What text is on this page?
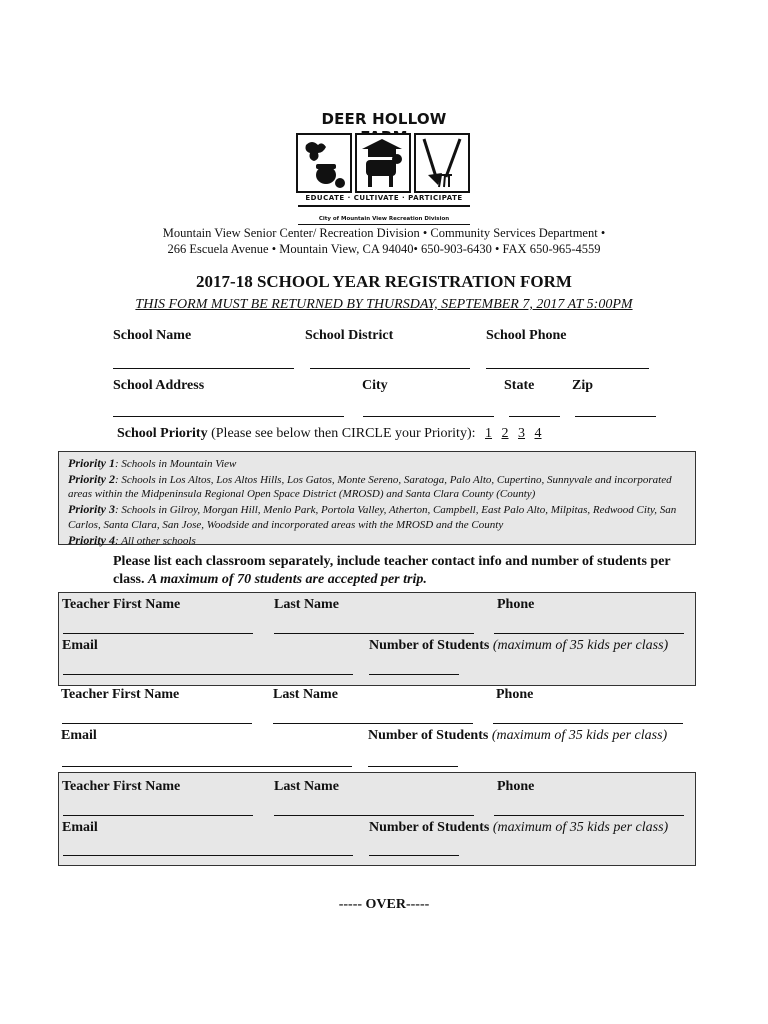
DEER HOLLOW
EDUCATE · CULTIVATE · PARTICIPATE
City of Mountain View Recreation Division
Mountain View Senior Center/ Recreation Division • Community Services Department •
266 Escuela Avenue • Mountain View, CA 94040• 650-903-6430 • FAX 650-965-4559
2017-18 SCHOOL YEAR REGISTRATION FORM
THIS FORM MUST BE RETURNED BY THURSDAY, SEPTEMBER 7, 2017 AT 5:00PM
School Name	School District	School Phone
School Address	City	State	Zip
School Priority (Please see below then CIRCLE your Priority): 1 2 3 4
Priority 1: Schools in Mountain View
Priority 2: Schools in Los Altos, Los Altos Hills, Los Gatos, Monte Sereno, Saratoga, Palo Alto, Cupertino, Sunnyvale and incorporated areas within the Midpeninsula Regional Open Space District (MROSD) and Santa Clara County (County)
Priority 3: Schools in Gilroy, Morgan Hill, Menlo Park, Portola Valley, Atherton, Campbell, East Palo Alto, Milpitas, Redwood City, San Carlos, Santa Clara, San Jose, Woodside and incorporated areas with the MROSD and the County
Priority 4: All other schools
Please list each classroom separately, include teacher contact info and number of students per class. A maximum of 70 students are accepted per trip.
Teacher First Name	Last Name	Phone
Email	Number of Students (maximum of 35 kids per class)
Teacher First Name	Last Name	Phone
Email	Number of Students (maximum of 35 kids per class)
Teacher First Name	Last Name	Phone
Email	Number of Students (maximum of 35 kids per class)
----- OVER-----
